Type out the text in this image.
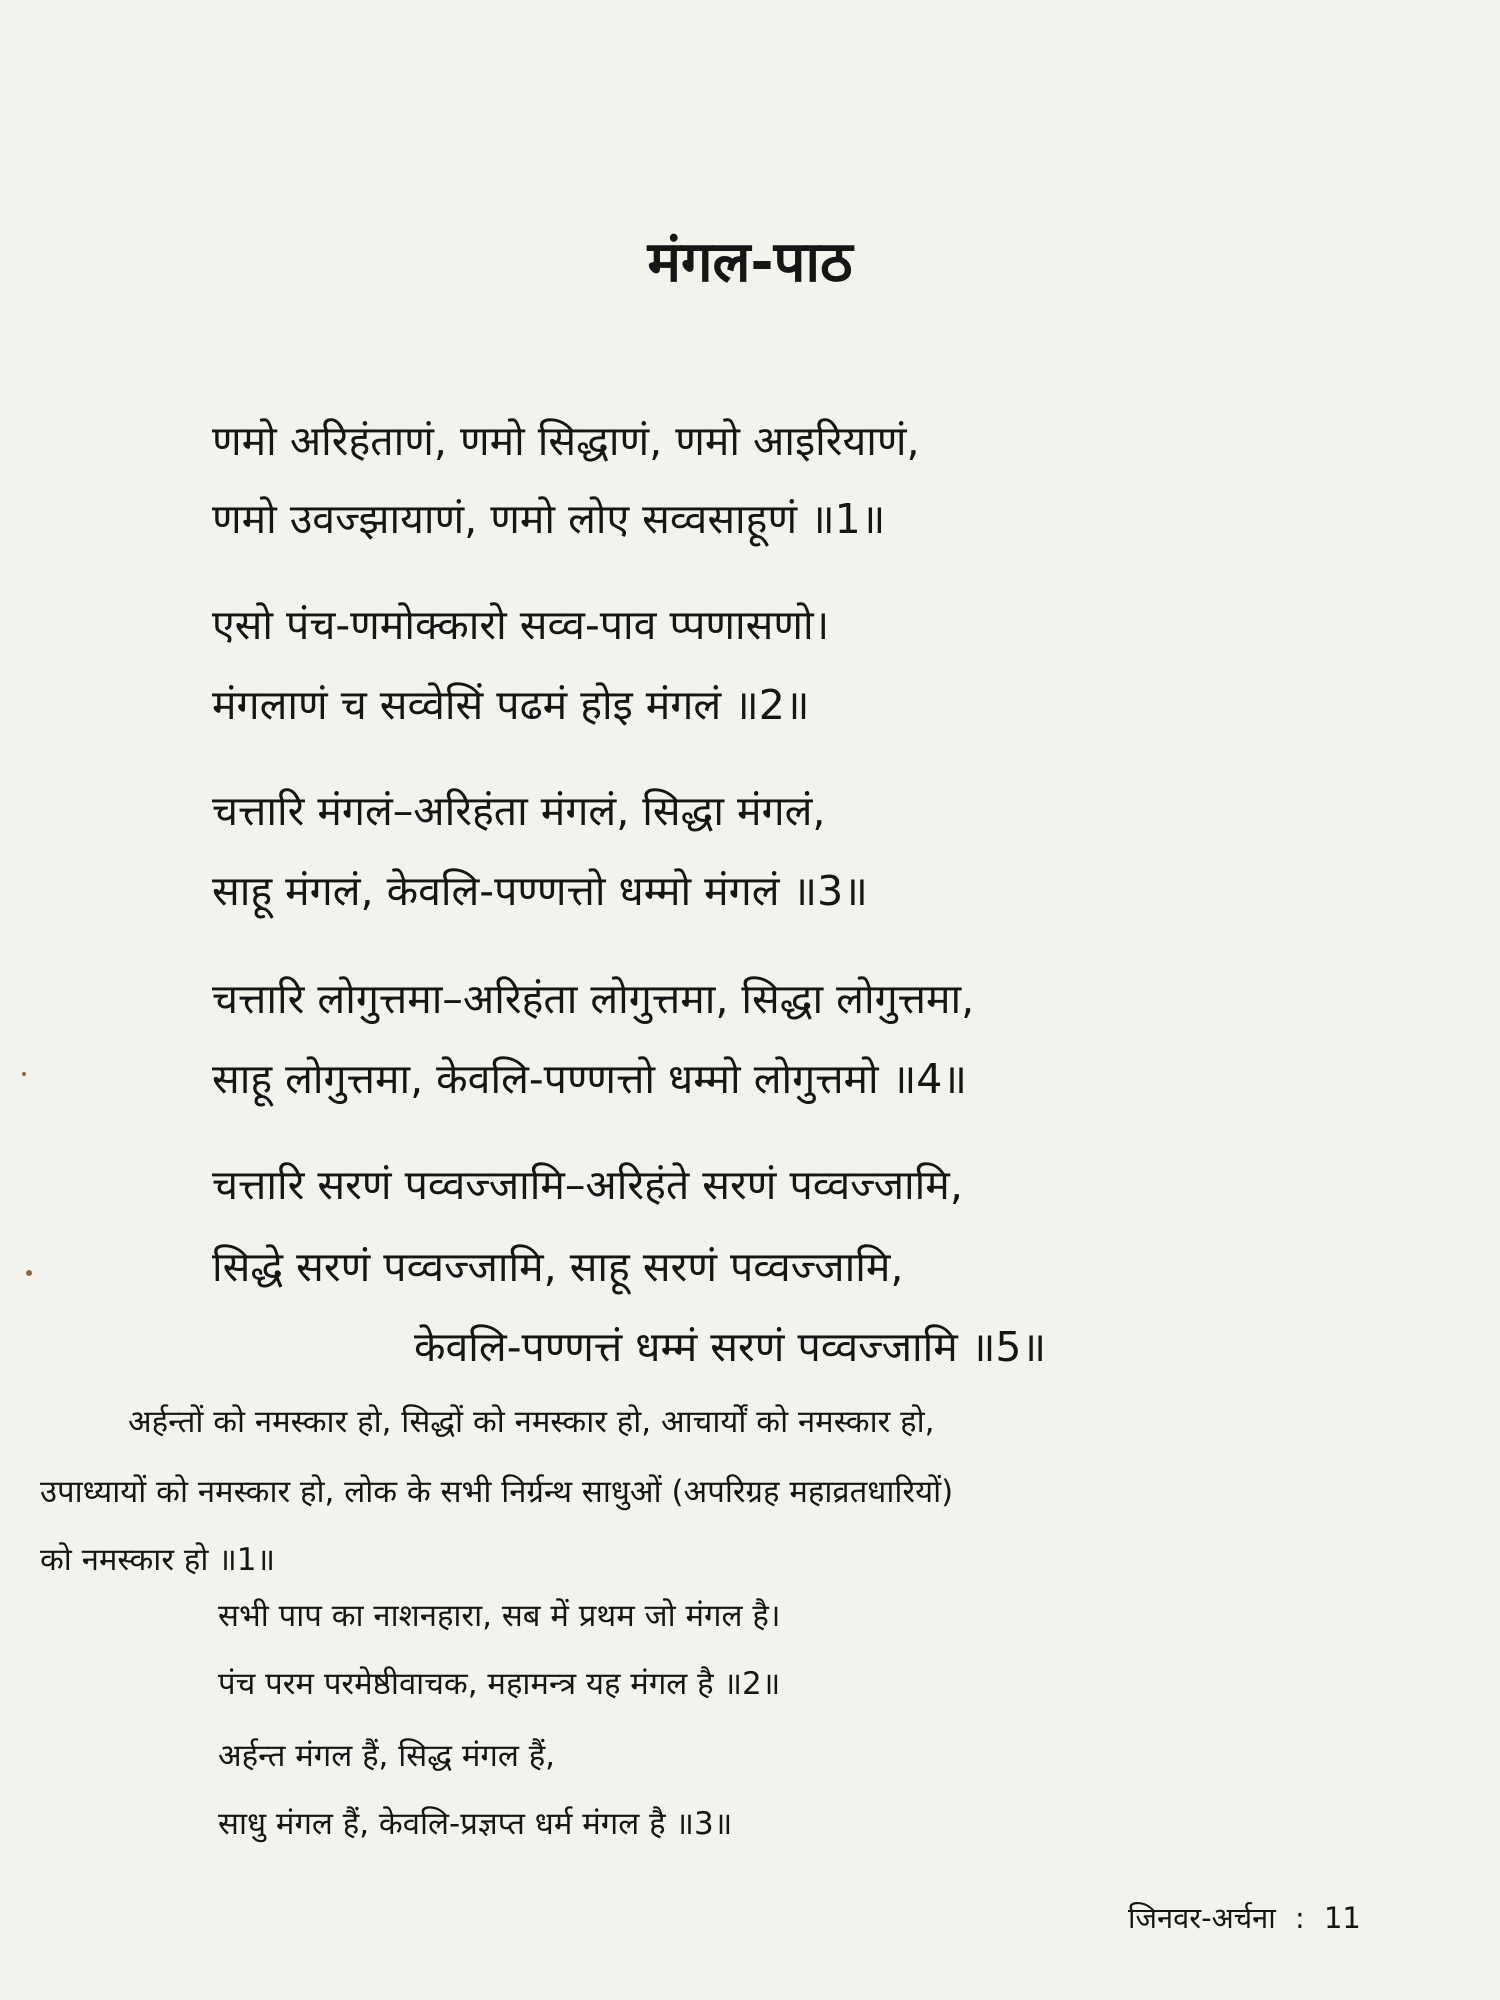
मंगल-पाठ

णमो अरिहंताणं, णमो सिद्धाणं, णमो आइरियाणं,

णमो उवज्झायाणं, णमो लोए सव्वसाहूणं ॥1॥

एसो पंच-णमोक्कारो सव्व-पाव प्पणासणो।

मंगलाणं च सव्वेसिं पढमं होइ मंगलं ॥2॥

चत्तारि मंगलं–अरिहंता मंगलं, सिद्धा मंगलं,

साहू मंगलं, केवलि-पण्णत्तो धम्मो मंगलं ॥3॥

चत्तारि लोगुत्तमा–अरिहंता लोगुत्तमा, सिद्धा लोगुत्तमा,

साहू लोगुत्तमा, केवलि-पण्णत्तो धम्मो लोगुत्तमो ॥4॥

चत्तारि सरणं पव्वज्जामि–अरिहंते सरणं पव्वज्जामि,

सिद्धे सरणं पव्वज्जामि, साहू सरणं पव्वज्जामि,

केवलि-पण्णत्तं धम्मं सरणं पव्वज्जामि ॥5॥

अर्हन्तों को नमस्कार हो, सिद्धों को नमस्कार हो, आचार्यों को नमस्कार हो,

उपाध्यायों को नमस्कार हो, लोक के सभी निर्ग्रन्थ साधुओं (अपरिग्रह महाव्रतधारियों)

को नमस्कार हो ॥1॥

सभी पाप का नाशनहारा, सब में प्रथम जो मंगल है।

पंच परम परमेष्ठीवाचक, महामन्त्र यह मंगल है ॥2॥

अर्हन्त मंगल हैं, सिद्ध मंगल हैं,

साधु मंगल हैं, केवलि-प्रज्ञप्त धर्म मंगल है ॥3॥

जिनवर-अर्चना : 11
